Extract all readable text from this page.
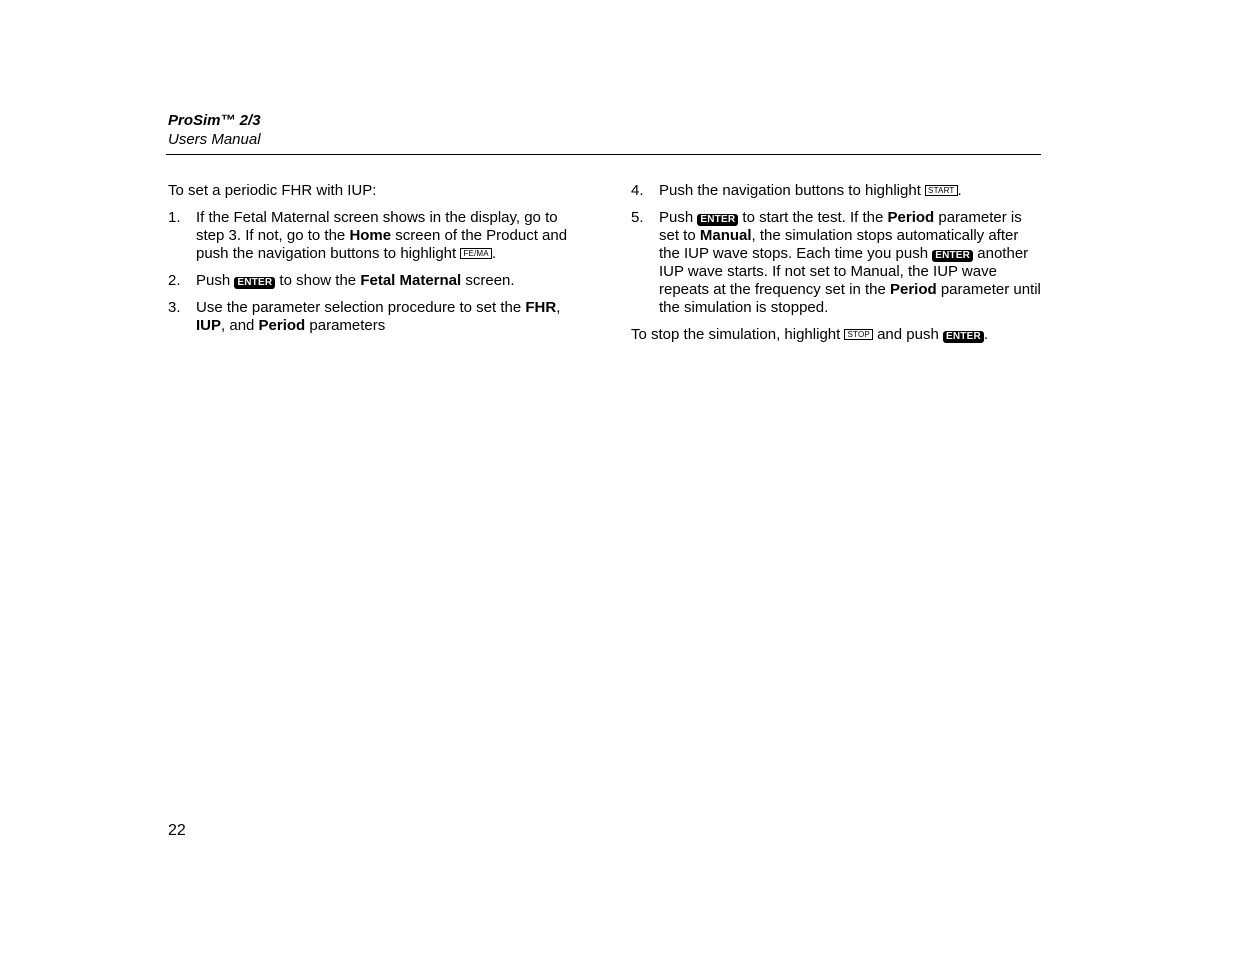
ProSim™ 2/3
Users Manual

To set a periodic FHR with IUP:

1.	If the Fetal Maternal screen shows in the display, go to step 3. If not, go to the Home screen of the Product and push the navigation buttons to highlight FE/MA .
2.	Push ENTER to show the Fetal Maternal screen.
3.	Use the parameter selection procedure to set the FHR, IUP, and Period parameters
4.	Push the navigation buttons to highlight START .
5.	Push ENTER to start the test. If the Period parameter is set to Manual, the simulation stops automatically after the IUP wave stops. Each time you push ENTER another IUP wave starts. If not set to Manual, the IUP wave repeats at the frequency set in the Period parameter until the simulation is stopped.

To stop the simulation, highlight STOP and push ENTER .

22
